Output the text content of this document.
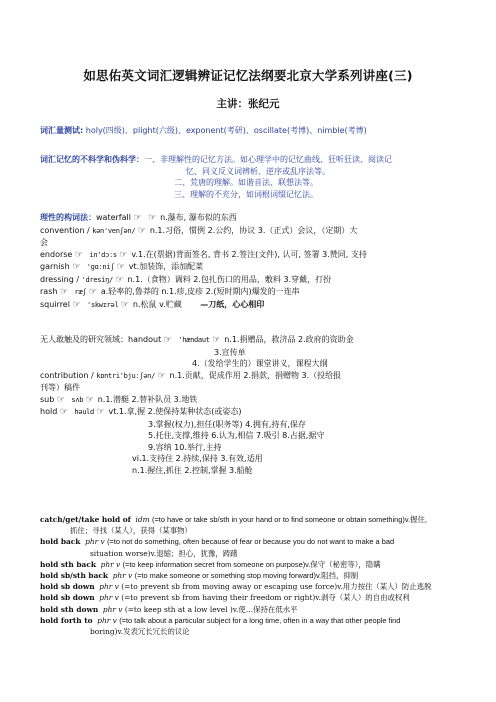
如思佑英文词汇逻辑辨证记忆法纲要北京大学系列讲座(三)
主讲：张纪元
词汇量测试: holy(四级)、plight(六级)、exponent(考研)、oscillate(考博)、nimble(考博)
词汇记忆的不科学和伪科学：一、非理解性的记忆方法。如心理学中的记忆曲线、狂听狂读、阅读记
忆、同义反义词辨析、逆序或乱序法等。
二、荒唐的理解。如谐音法、联想法等。
三、理解的不充分，如词根词缀记忆法。
理性的构词法：waterfall ☞ ☞ n.瀑布, 瀑布似的东西
convention / kən'venʃən/ ☞ n.1.习俗，惯例 2.公约，协议 3.（正式）会议，（定期）大
会
endorse ☞ in'dɔːs ☞ v.1.在(票据)背面签名, 背书 2.签注(文件), 认可, 签署 3.赞同, 支持
garnish ☞ 'gɑːniʃ ☞ vt.加装饰，添加配菜
dressing / 'dresiŋ/ ☞ n.1.（食物）调料 2.包扎伤口的用品，敷料 3.穿戴，打扮
rash ☞ ræʃ ☞ a.轻率的,鲁莽的 n.1.疹,皮疹 2.(短时期内)爆发的一连串
squirrel ☞ 'skwɪrəl ☞ n.松鼠 v.贮藏 —刀纸，心心相印
无人敢触及的研究领域：handout ☞ 'hændaut ☞ n.1.捐赠品，救济品 2.政府的资助金
3.宣传单
4.（发给学生的）课堂讲义，课程大纲
contribution / kɒntri'bjuːʃən/ ☞ n.1.贡献，促成作用 2.捐款，捐赠物 3.（投给报
刊等）稿件
sub ☞ sʌb ☞ n.1.潜艇 2.替补队员 3.地铁
hold ☞ həuld ☞ vt.1.拿,握 2.使保持某种状态(或姿态)
3.掌握(权力),担任(职务等) 4.拥有,持有,保存
5.托住,支撑,维持 6.认为,相信 7.吸引 8.占据,据守
9.容纳 10.举行,主持
vi.1.支持住 2.持续,保持 3.有效,适用
n.1.握住,抓住 2.控制,掌握 3.船舱
catch/get/take hold of idm (=to have or take sb/sth in your hand or to find someone or obtain something)v.握住,
抓住；寻找（某人），获得（某事物）
hold back phr v (=to not do something, often because of fear or because you do not want to make a bad
situation worse)v.退缩；担心，犹豫，踌躇
hold sth back phr v (=to keep information secret from someone on purpose)v.保守（秘密等），隐瞒
hold sb/sth back phr v (=to make someone or something stop moving forward)v.阻挡，抑制
hold sb down phr v (=to prevent sb from moving away or escaping use force)v.用力按住（某人）防止逃脱
hold sb down phr v (=to prevent sb from having their freedom or right)v.剥夺（某人）的自由或权利
hold sth down phr v (=to keep sth at a low level )v.使…保持在低水平
hold forth to phr v (=to talk about a particular subject for a long time, often in a way that other people find
boring)v.发表冗长冗长的议论
